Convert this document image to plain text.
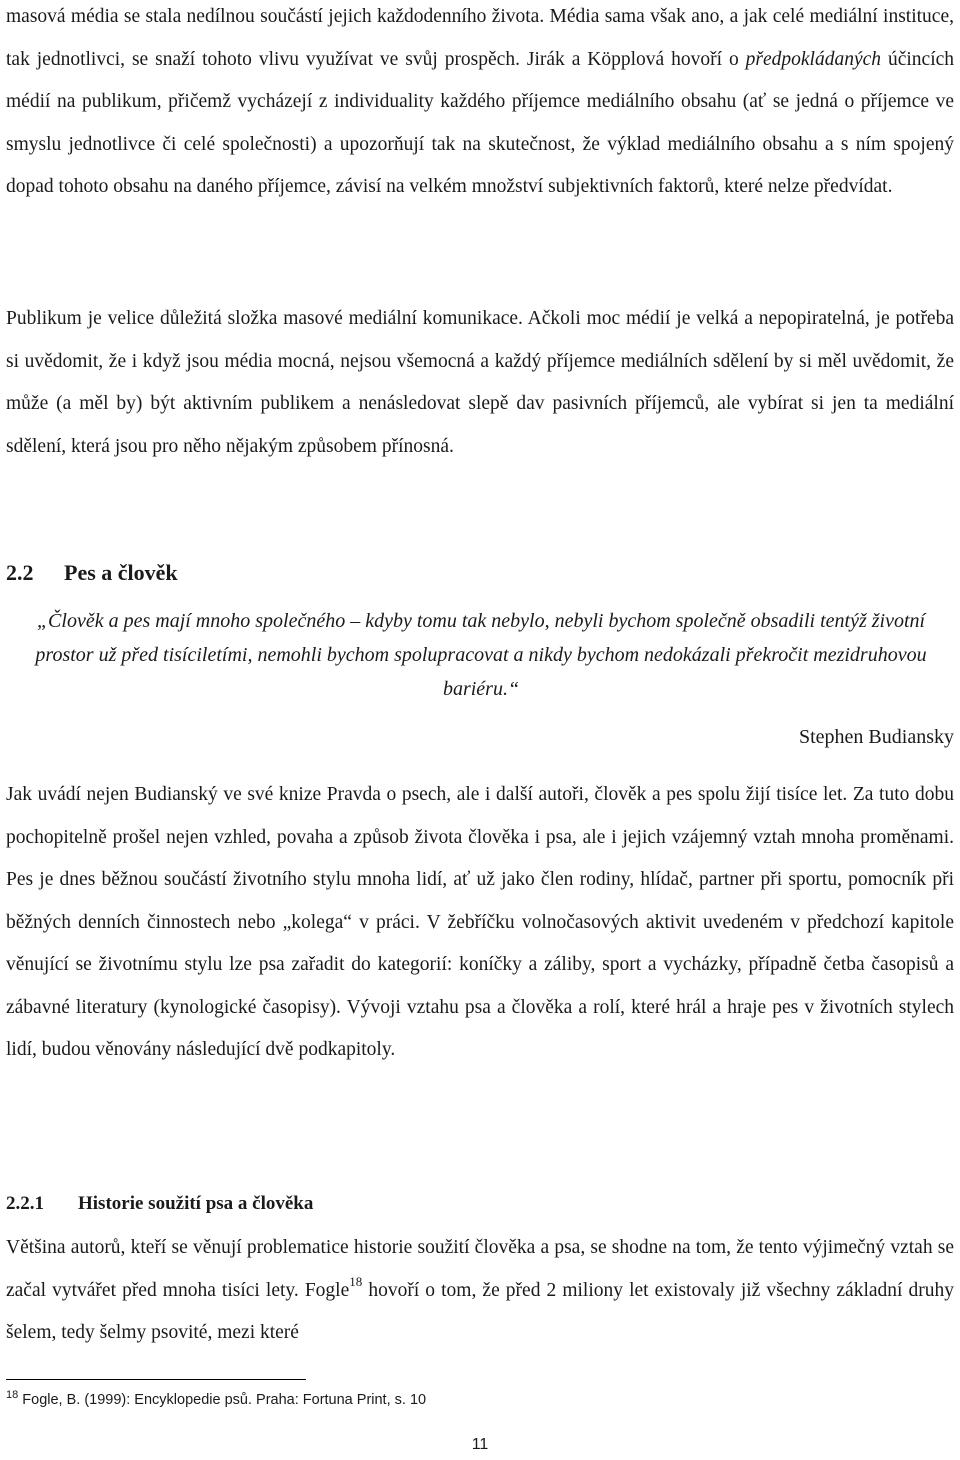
masová média se stala nedílnou součástí jejich každodenního života. Média sama však ano, a jak celé mediální instituce, tak jednotlivci, se snaží tohoto vlivu využívat ve svůj prospěch. Jirák a Köpplová hovoří o předpokládaných účincích médií na publikum, přičemž vycházejí z individuality každého příjemce mediálního obsahu (ať se jedná o příjemce ve smyslu jednotlivce či celé společnosti) a upozorňují tak na skutečnost, že výklad mediálního obsahu a s ním spojený dopad tohoto obsahu na daného příjemce, závisí na velkém množství subjektivních faktorů, které nelze předvídat.

Publikum je velice důležitá složka masové mediální komunikace. Ačkoli moc médií je velká a nepopiratelná, je potřeba si uvědomit, že i když jsou média mocná, nejsou všemocná a každý příjemce mediálních sdělení by si měl uvědomit, že může (a měl by) být aktivním publikem a nenásledovat slepě dav pasivních příjemců, ale vybírat si jen ta mediální sdělení, která jsou pro něho nějakým způsobem přínosná.

2.2 Pes a člověk
„Člověk a pes mají mnoho společného – kdyby tomu tak nebylo, nebyli bychom společně obsadili tentýž životní prostor už před tisíciletími, nemohli bychom spolupracovat a nikdy bychom nedokázali překročit mezidruhovou bariéru.“
Stephen Budiansky

Jak uvádí nejen Budianský ve své knize Pravda o psech, ale i další autoři, člověk a pes spolu žijí tisíce let. Za tuto dobu pochopitelně prošel nejen vzhled, povaha a způsob života člověka i psa, ale i jejich vzájemný vztah mnoha proměnami. Pes je dnes běžnou součástí životního stylu mnoha lidí, ať už jako člen rodiny, hlídač, partner při sportu, pomocník při běžných denních činnostech nebo „kolega“ v práci. V žebříčku volnočasových aktivit uvedeném v předchozí kapitole věnující se životnímu stylu lze psa zařadit do kategorií: koníčky a záliby, sport a vycházky, případně četba časopisů a zábavné literatury (kynologické časopisy). Vývoji vztahu psa a člověka a rolí, které hrál a hraje pes v životních stylech lidí, budou věnovány následující dvě podkapitoly.

2.2.1 Historie soužití psa a člověka

Většina autorů, kteří se věnují problematice historie soužití člověka a psa, se shodne na tom, že tento výjimečný vztah se začal vytvářet před mnoha tisíci lety. Fogle$^{18}$ hovoří o tom, že před 2 miliony let existovaly již všechny základní druhy šelem, tedy šelmy psovité, mezi které

$^{18}$ Fogle, B. (1999): Encyklopedie psů. Praha: Fortuna Print, s. 10
11
